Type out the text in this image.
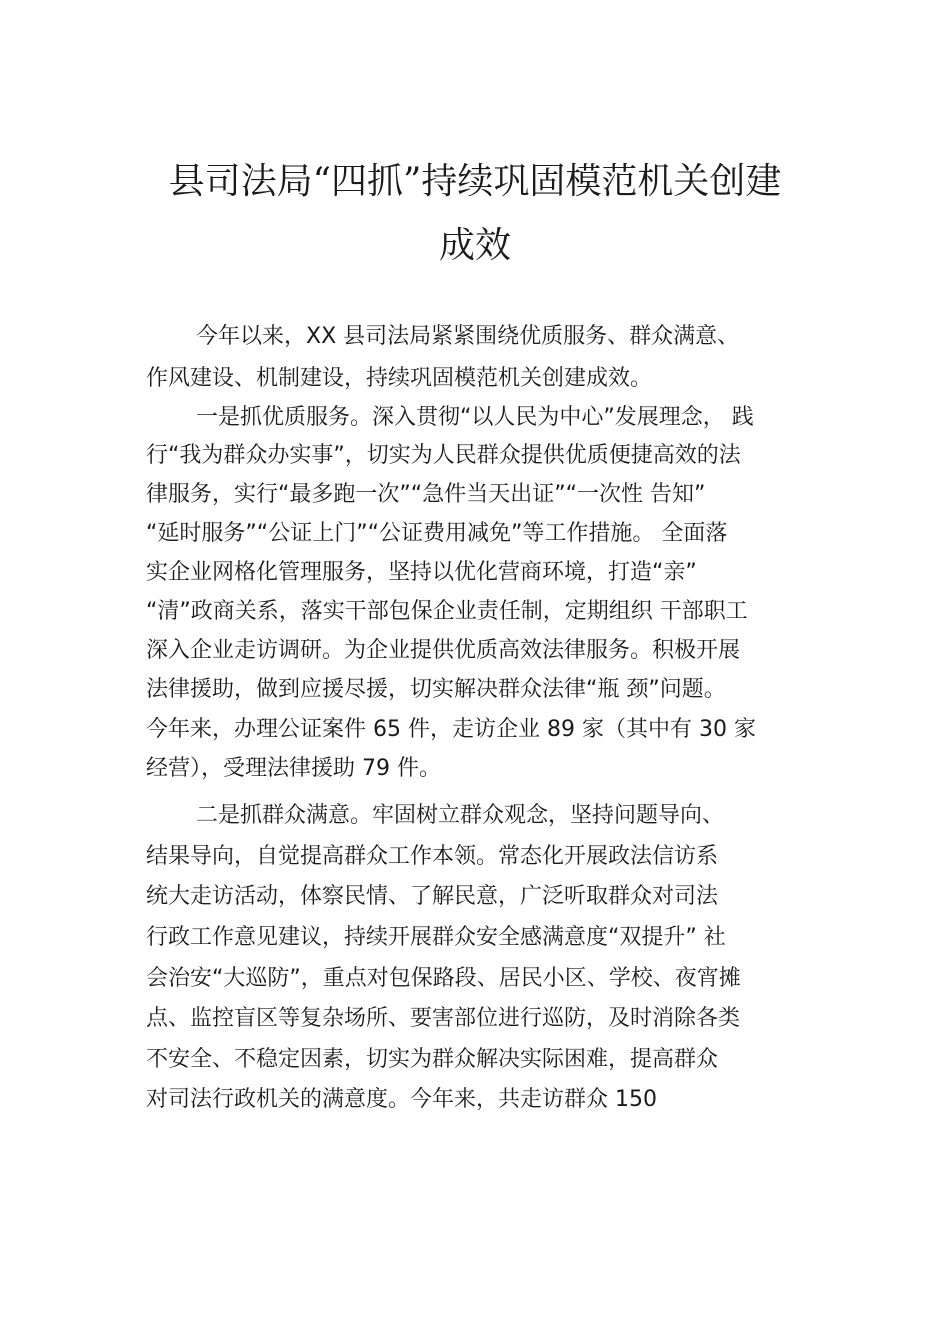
县司法局“四抓”持续巩固模范机关创建
成效

今年以来，XX 县司法局紧紧围绕优质服务、群众满意、

作风建设、机制建设，持续巩固模范机关创建成效。

一是抓优质服务。深入贯彻“以人民为中心”发展理念， 践

行“我为群众办实事”，切实为人民群众提供优质便捷高效的法

律服务，实行“最多跑一次”“急件当天出证”“一次性 告知”

“延时服务”“公证上门”“公证费用减免”等工作措施。 全面落

实企业网格化管理服务，坚持以优化营商环境，打造“亲”

“清”政商关系，落实干部包保企业责任制，定期组织 干部职工

深入企业走访调研。为企业提供优质高效法律服务。积极开展

法律援助，做到应援尽援，切实解决群众法律“瓶 颈”问题。

今年来，办理公证案件 65 件，走访企业 89 家（其中有 30 家

经营），受理法律援助 79 件。

二是抓群众满意。牢固树立群众观念，坚持问题导向、

结果导向，自觉提高群众工作本领。常态化开展政法信访系

统大走访活动，体察民情、了解民意，广泛听取群众对司法

行政工作意见建议，持续开展群众安全感满意度“双提升” 社

会治安“大巡防”，重点对包保路段、居民小区、学校、夜宵摊

点、监控盲区等复杂场所、要害部位进行巡防，及时消除各类

不安全、不稳定因素，切实为群众解决实际困难，提高群众

对司法行政机关的满意度。今年来，共走访群众 150
